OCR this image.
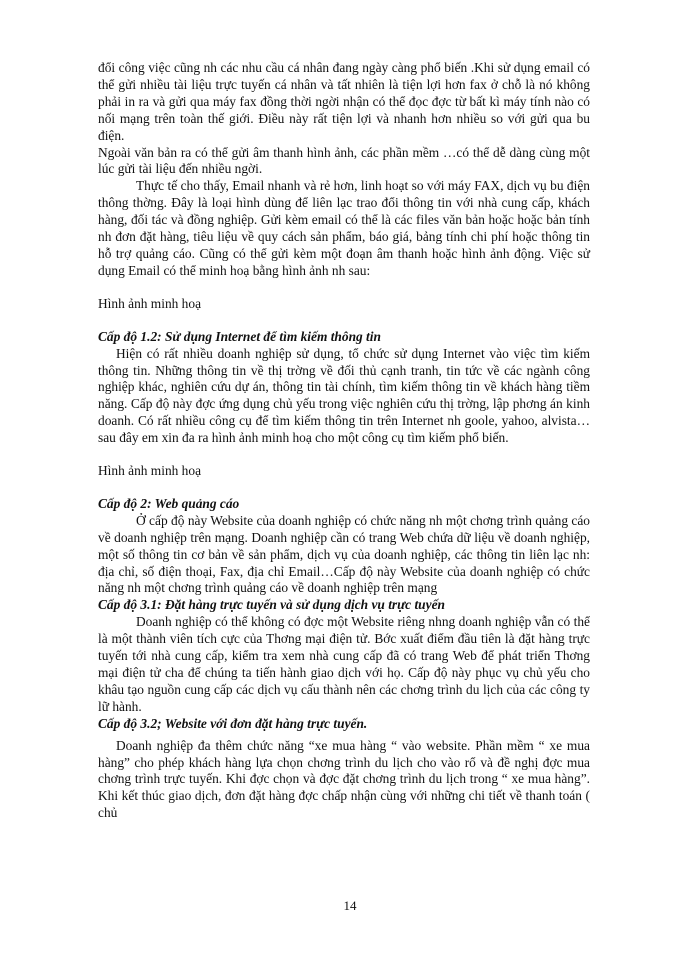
đổi công việc cũng nh các nhu cầu cá nhân đang ngày càng phổ biến .Khi sử dụng email có thể gửi nhiều tài liệu trực tuyến cá nhân và tất nhiên là tiện lợi hơn fax ở chỗ là nó không phải in ra và gửi qua máy fax đồng thời ngời nhận có thể đọc đợc từ bất kì máy tính nào có nối mạng trên toàn thế giới. Điều này rất tiện lợi và nhanh hơn nhiều so với gửi qua bu điện.

Ngoài văn bản ra có thể gửi âm thanh hình ảnh, các phần mềm …có thể dễ dàng cùng một lúc gửi tài liệu đến nhiều ngời.

Thực tế cho thấy, Email nhanh và rẻ hơn, linh hoạt so với máy FAX, dịch vụ bu điện thông thờng. Đây là loại hình dùng để liên lạc trao đổi thông tin với nhà cung cấp, khách hàng, đối tác và đồng nghiệp. Gửi kèm email có thể là các files văn bản hoặc hoặc bản tính nh đơn đặt hàng, tiêu liệu về quy cách sản phẩm, báo giá, bảng tính chi phí hoặc thông tin hỗ trợ quảng cáo. Cũng có thể gửi kèm một đoạn âm thanh hoặc hình ảnh động. Việc sử dụng Email có thể minh hoạ bằng hình ảnh nh sau:

Hình ảnh minh hoạ

Cấp độ 1.2: Sử dụng Internet để tìm kiếm thông tin

Hiện có rất nhiều doanh nghiệp sử dụng, tổ chức sử dụng Internet vào việc tìm kiếm thông tin. Những thông tin về thị trờng về đối thủ cạnh tranh, tin tức về các ngành công nghiệp khác, nghiên cứu dự án, thông tin tài chính, tìm kiếm thông tin về khách hàng tiềm năng. Cấp độ này đợc ứng dụng chủ yếu trong việc nghiên cứu thị trờng, lập phơng án kinh doanh. Có rất nhiều công cụ để tìm kiếm thông tin trên Internet nh goole, yahoo, alvista…sau đây em xin đa ra hình ảnh minh hoạ cho một công cụ tìm kiếm phổ biến.

Hình ảnh minh hoạ

Cấp độ 2: Web quảng cáo

Ở cấp độ này Website của doanh nghiệp có chức năng nh một chơng trình quảng cáo về doanh nghiệp trên mạng. Doanh nghiệp cần có trang Web chứa dữ liệu về doanh nghiệp, một số thông tin cơ bản về sản phẩm, dịch vụ của doanh nghiệp, các thông tin liên lạc nh: địa chỉ, số điện thoại, Fax, địa chỉ Email…Cấp độ này Website của doanh nghiệp có chức năng nh một chơng trình quảng cáo về doanh nghiệp trên mạng

Cấp độ 3.1: Đặt hàng trực tuyến và sử dụng dịch vụ trực tuyến

Doanh nghiệp có thể không có đợc một Website riêng nhng doanh nghiệp vẫn có thể là một thành viên tích cực của Thơng mại điện tử. Bớc xuất điểm đầu tiên là đặt hàng trực tuyến tới nhà cung cấp, kiểm tra xem nhà cung cấp đã có trang Web để phát triển Thơng mại điện tử cha để chúng ta tiến hành giao dịch với họ. Cấp độ này phục vụ chủ yếu cho khâu tạo nguồn cung cấp các dịch vụ cấu thành nên các chơng trình du lịch của các công ty lữ hành.

Cấp độ 3.2; Website với đơn đặt hàng trực tuyến.

Doanh nghiệp đa thêm chức năng “xe mua hàng “ vào website. Phần mềm “ xe mua hàng” cho phép khách hàng lựa chọn chơng trình du lịch cho vào rổ và đề nghị đợc mua chơng trình trực tuyến. Khi đợc chọn và đợc đặt chơng trình du lịch trong “ xe mua hàng”. Khi kết thúc giao dịch, đơn đặt hàng đợc chấp nhận cùng với những chi tiết về thanh toán ( chủ

14
